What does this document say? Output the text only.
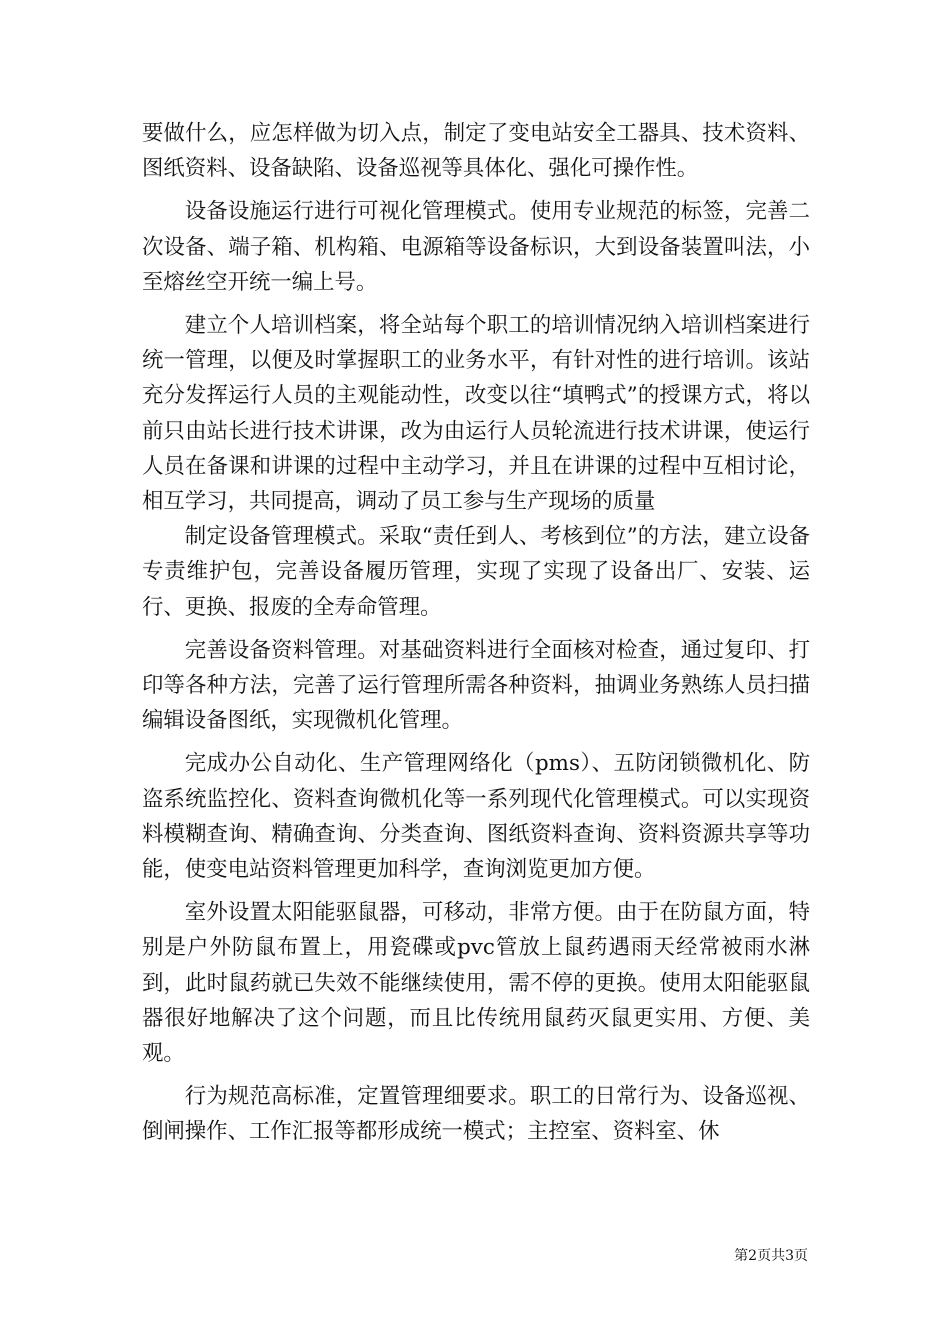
要做什么，应怎样做为切入点，制定了变电站安全工器具、技术资料、图纸资料、设备缺陷、设备巡视等具体化、强化可操作性。

设备设施运行进行可视化管理模式。使用专业规范的标签，完善二次设备、端子箱、机构箱、电源箱等设备标识，大到设备装置叫法，小至熔丝空开统一编上号。

建立个人培训档案，将全站每个职工的培训情况纳入培训档案进行统一管理，以便及时掌握职工的业务水平，有针对性的进行培训。该站充分发挥运行人员的主观能动性，改变以往“填鸭式”的授课方式，将以前只由站长进行技术讲课，改为由运行人员轮流进行技术讲课，使运行人员在备课和讲课的过程中主动学习，并且在讲课的过程中互相讨论，相互学习，共同提高，调动了员工参与生产现场的质量

制定设备管理模式。采取“责任到人、考核到位”的方法，建立设备专责维护包，完善设备履历管理，实现了实现了设备出厂、安装、运行、更换、报废的全寿命管理。

完善设备资料管理。对基础资料进行全面核对检查，通过复印、打印等各种方法，完善了运行管理所需各种资料，抽调业务熟练人员扫描编辑设备图纸，实现微机化管理。

完成办公自动化、生产管理网络化（pms）、五防闭锁微机化、防盗系统监控化、资料查询微机化等一系列现代化管理模式。可以实现资料模糊查询、精确查询、分类查询、图纸资料查询、资料资源共享等功能，使变电站资料管理更加科学，查询浏览更加方便。

室外设置太阳能驱鼠器，可移动，非常方便。由于在防鼠方面，特别是户外防鼠布置上，用瓷碟或pvc管放上鼠药遇雨天经常被雨水淋到，此时鼠药就已失效不能继续使用，需不停的更换。使用太阳能驱鼠器很好地解决了这个问题，而且比传统用鼠药灭鼠更实用、方便、美观。

行为规范高标准，定置管理细要求。职工的日常行为、设备巡视、倒闸操作、工作汇报等都形成统一模式；主控室、资料室、休

第2页共3页
